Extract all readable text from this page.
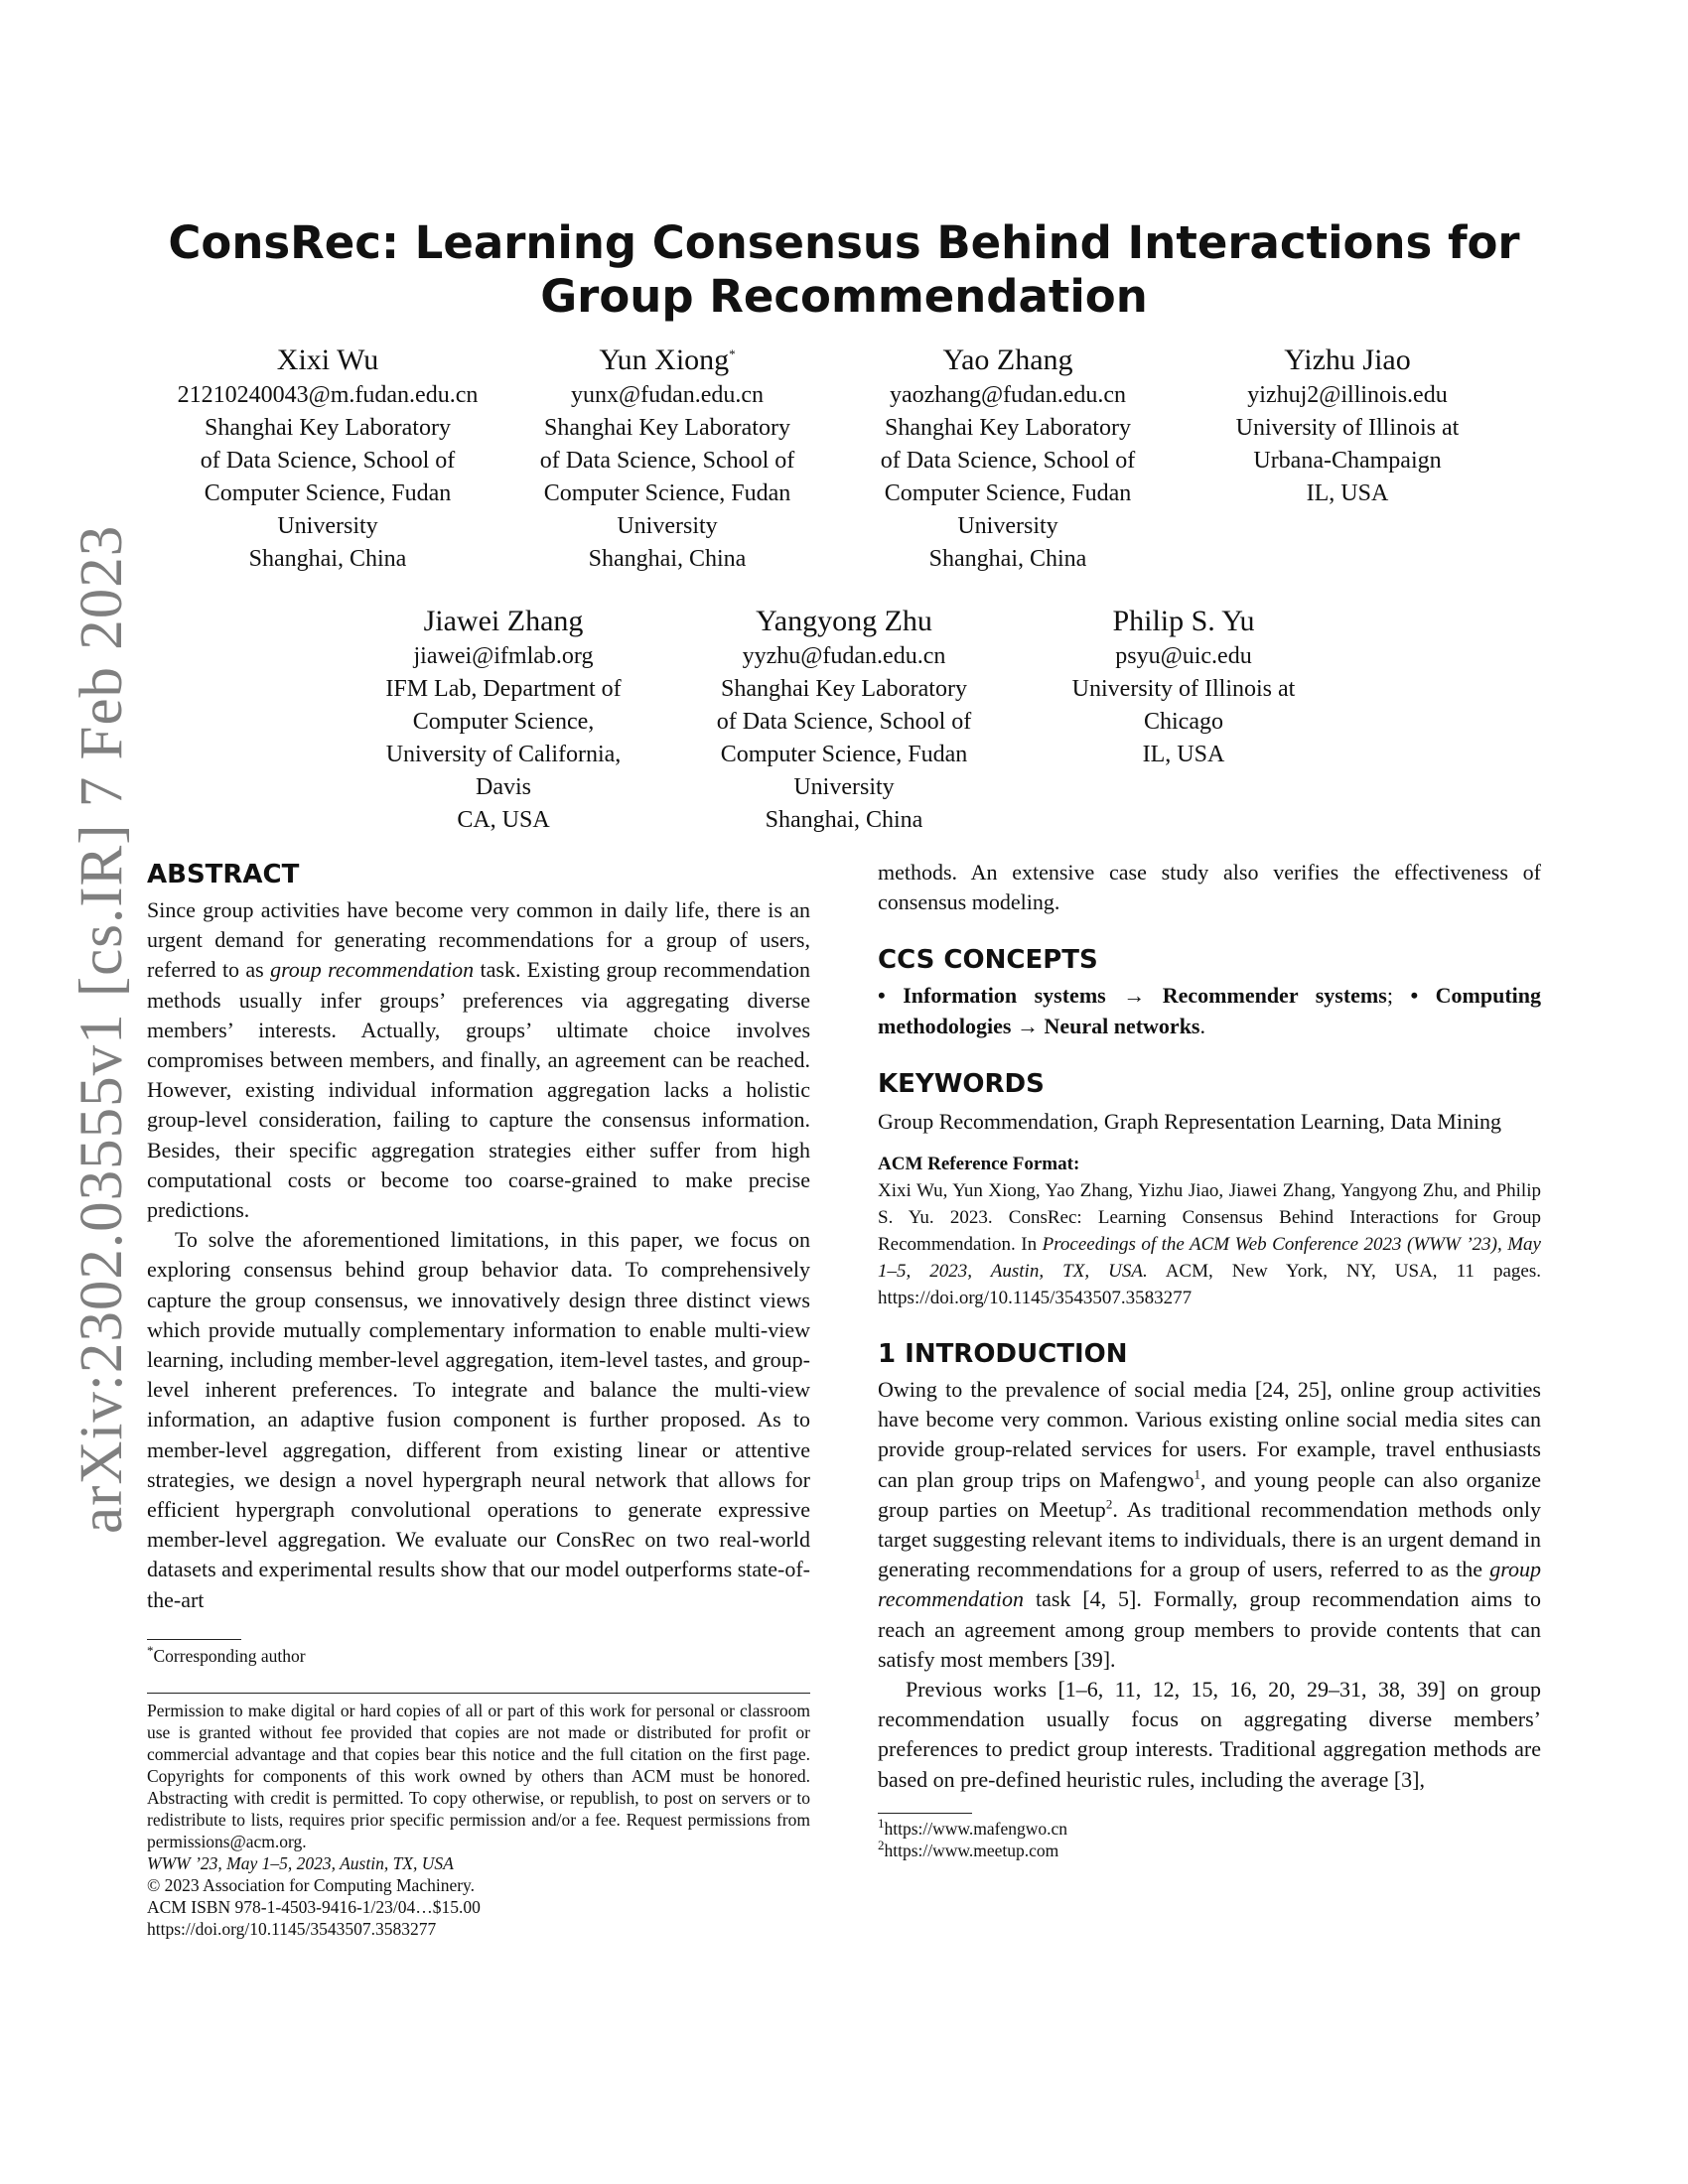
arXiv:2302.03555v1 [cs.IR] 7 Feb 2023
ConsRec: Learning Consensus Behind Interactions for Group Recommendation
Xixi Wu
21210240043@m.fudan.edu.cn
Shanghai Key Laboratory
of Data Science, School of
Computer Science, Fudan
University
Shanghai, China
Yun Xiong*
yunx@fudan.edu.cn
Shanghai Key Laboratory
of Data Science, School of
Computer Science, Fudan
University
Shanghai, China
Yao Zhang
yaozhang@fudan.edu.cn
Shanghai Key Laboratory
of Data Science, School of
Computer Science, Fudan
University
Shanghai, China
Yizhu Jiao
yizhuj2@illinois.edu
University of Illinois at
Urbana-Champaign
IL, USA
Jiawei Zhang
jiawei@ifmlab.org
IFM Lab, Department of
Computer Science,
University of California,
Davis
CA, USA
Yangyong Zhu
yyzhu@fudan.edu.cn
Shanghai Key Laboratory
of Data Science, School of
Computer Science, Fudan
University
Shanghai, China
Philip S. Yu
psyu@uic.edu
University of Illinois at
Chicago
IL, USA
ABSTRACT

Since group activities have become very common in daily life, there is an urgent demand for generating recommendations for a group of users, referred to as group recommendation task. Existing group recommendation methods usually infer groups’ preferences via aggregating diverse members’ interests. Actually, groups’ ultimate choice involves compromises between members, and finally, an agreement can be reached. However, existing individual information aggregation lacks a holistic group-level consideration, failing to capture the consensus information. Besides, their specific aggregation strategies either suffer from high computational costs or become too coarse-grained to make precise predictions.

To solve the aforementioned limitations, in this paper, we focus on exploring consensus behind group behavior data. To comprehensively capture the group consensus, we innovatively design three distinct views which provide mutually complementary information to enable multi-view learning, including member-level aggregation, item-level tastes, and group-level inherent preferences. To integrate and balance the multi-view information, an adaptive fusion component is further proposed. As to member-level aggregation, different from existing linear or attentive strategies, we design a novel hypergraph neural network that allows for efficient hypergraph convolutional operations to generate expressive member-level aggregation. We evaluate our ConsRec on two real-world datasets and experimental results show that our model outperforms state-of-the-art

*Corresponding author

Permission to make digital or hard copies of all or part of this work for personal or classroom use is granted without fee provided that copies are not made or distributed for profit or commercial advantage and that copies bear this notice and the full citation on the first page. Copyrights for components of this work owned by others than ACM must be honored. Abstracting with credit is permitted. To copy otherwise, or republish, to post on servers or to redistribute to lists, requires prior specific permission and/or a fee. Request permissions from permissions@acm.org.

WWW ’23, May 1–5, 2023, Austin, TX, USA

© 2023 Association for Computing Machinery.

ACM ISBN 978-1-4503-9416-1/23/04…$15.00

https://doi.org/10.1145/3543507.3583277

methods. An extensive case study also verifies the effectiveness of consensus modeling.

CCS CONCEPTS

• Information systems → Recommender systems; • Computing methodologies → Neural networks.

KEYWORDS

Group Recommendation, Graph Representation Learning, Data Mining

ACM Reference Format:

Xixi Wu, Yun Xiong, Yao Zhang, Yizhu Jiao, Jiawei Zhang, Yangyong Zhu, and Philip S. Yu. 2023. ConsRec: Learning Consensus Behind Interactions for Group Recommendation. In Proceedings of the ACM Web Conference 2023 (WWW ’23), May 1–5, 2023, Austin, TX, USA. ACM, New York, NY, USA, 11 pages. https://doi.org/10.1145/3543507.3583277

1 INTRODUCTION

Owing to the prevalence of social media [24, 25], online group activities have become very common. Various existing online social media sites can provide group-related services for users. For example, travel enthusiasts can plan group trips on Mafengwo$^1$, and young people can also organize group parties on Meetup$^2$. As traditional recommendation methods only target suggesting relevant items to individuals, there is an urgent demand in generating recommendations for a group of users, referred to as the group recommendation task [4, 5]. Formally, group recommendation aims to reach an agreement among group members to provide contents that can satisfy most members [39].

Previous works [1–6, 11, 12, 15, 16, 20, 29–31, 38, 39] on group recommendation usually focus on aggregating diverse members’ preferences to predict group interests. Traditional aggregation methods are based on pre-defined heuristic rules, including the average [3],

$^1$https://www.mafengwo.cn
$^2$https://www.meetup.com
